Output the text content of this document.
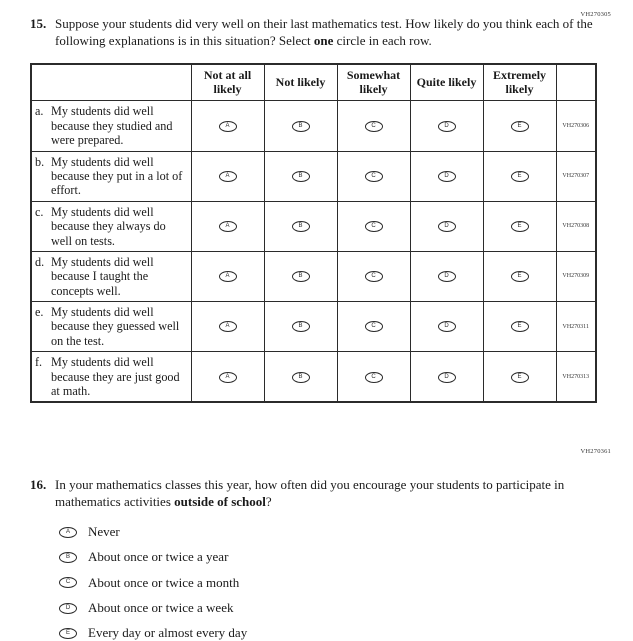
VH270305
VH270361
15. Suppose your students did very well on their last mathematics test. How likely do you think each of the following explanations is in this situation? Select one circle in each row.
	Not at all likely	Not likely	Somewhat likely	Quite likely	Extremely likely	

a. My students did well because they studied and were prepared.	A	B	C	D	E	VH270306

b. My students did well because they put in a lot of effort.	A	B	C	D	E	VH270307

c. My students did well because they always do well on tests.	A	B	C	D	E	VH270308

d. My students did well because I taught the concepts well.	A	B	C	D	E	VH270309

e. My students did well because they guessed well on the test.	A	B	C	D	E	VH270311

f. My students did well because they are just good at math.	A	B	C	D	E	VH270313
16. In your mathematics classes this year, how often did you encourage your students to participate in mathematics activities outside of school?
A	Never
B	About once or twice a year
C	About once or twice a month
D	About once or twice a week
E	Every day or almost every day
